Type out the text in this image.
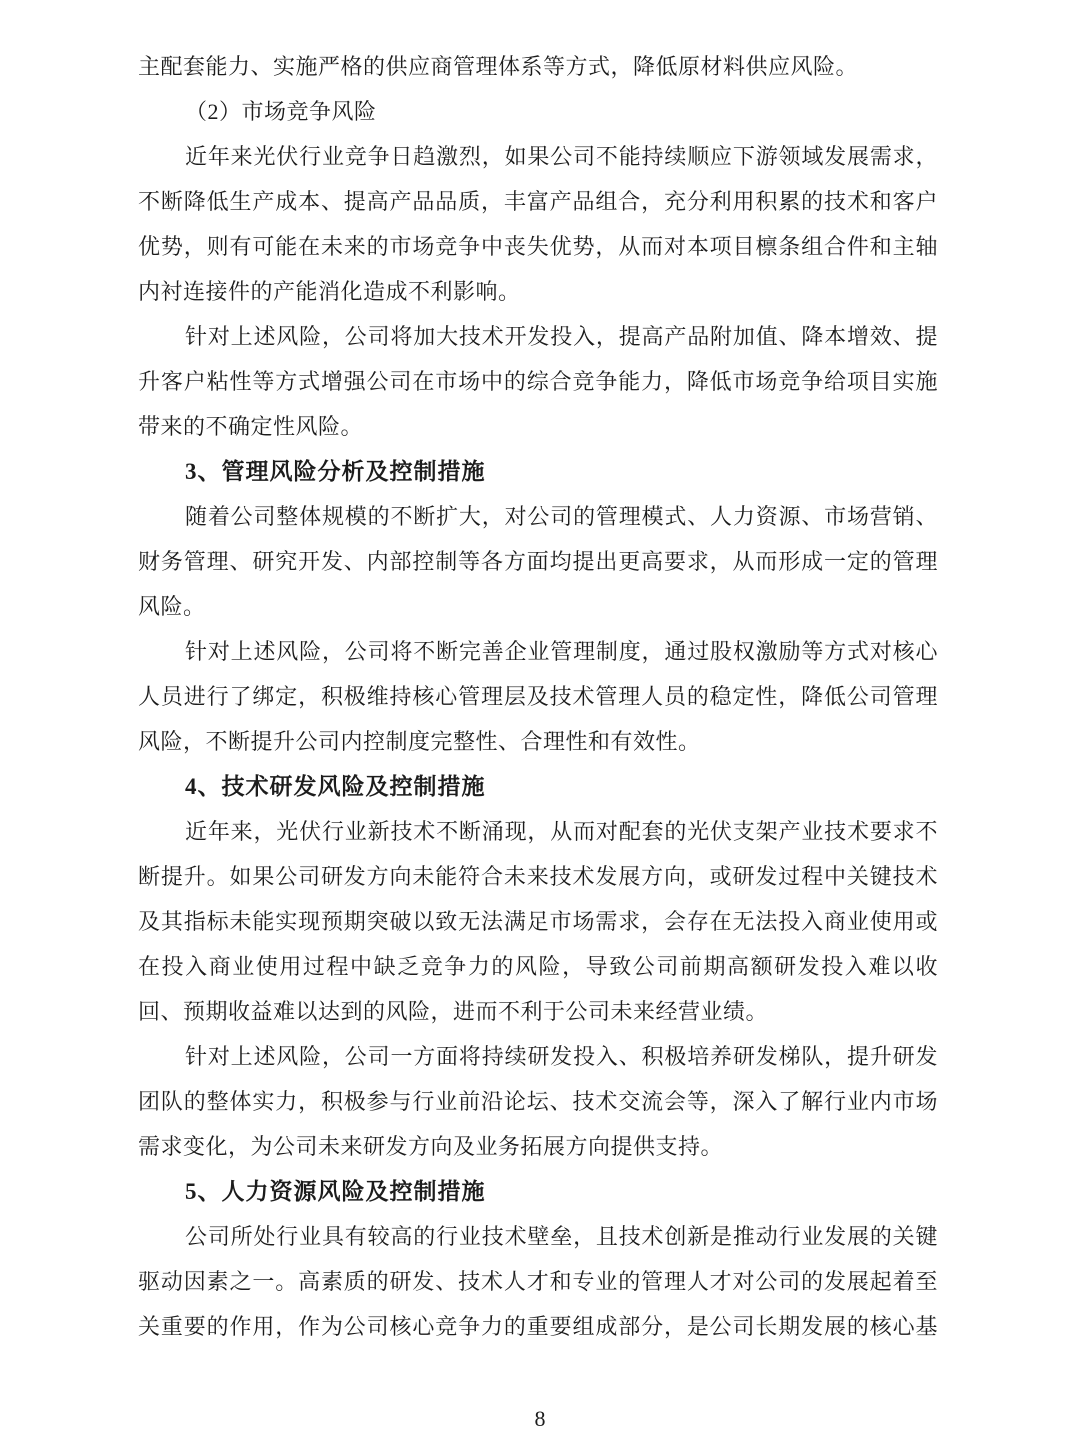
主配套能力、实施严格的供应商管理体系等方式，降低原材料供应风险。
（2）市场竞争风险
近年来光伏行业竞争日趋激烈，如果公司不能持续顺应下游领域发展需求，
不断降低生产成本、提高产品品质，丰富产品组合，充分利用积累的技术和客户
优势，则有可能在未来的市场竞争中丧失优势，从而对本项目檩条组合件和主轴
内衬连接件的产能消化造成不利影响。
针对上述风险，公司将加大技术开发投入，提高产品附加值、降本增效、提
升客户粘性等方式增强公司在市场中的综合竞争能力，降低市场竞争给项目实施
带来的不确定性风险。
3、管理风险分析及控制措施
随着公司整体规模的不断扩大，对公司的管理模式、人力资源、市场营销、
财务管理、研究开发、内部控制等各方面均提出更高要求，从而形成一定的管理
风险。
针对上述风险，公司将不断完善企业管理制度，通过股权激励等方式对核心
人员进行了绑定，积极维持核心管理层及技术管理人员的稳定性，降低公司管理
风险，不断提升公司内控制度完整性、合理性和有效性。
4、技术研发风险及控制措施
近年来，光伏行业新技术不断涌现，从而对配套的光伏支架产业技术要求不
断提升。如果公司研发方向未能符合未来技术发展方向，或研发过程中关键技术
及其指标未能实现预期突破以致无法满足市场需求，会存在无法投入商业使用或
在投入商业使用过程中缺乏竞争力的风险，导致公司前期高额研发投入难以收
回、预期收益难以达到的风险，进而不利于公司未来经营业绩。
针对上述风险，公司一方面将持续研发投入、积极培养研发梯队，提升研发
团队的整体实力，积极参与行业前沿论坛、技术交流会等，深入了解行业内市场
需求变化，为公司未来研发方向及业务拓展方向提供支持。
5、人力资源风险及控制措施
公司所处行业具有较高的行业技术壁垒，且技术创新是推动行业发展的关键
驱动因素之一。高素质的研发、技术人才和专业的管理人才对公司的发展起着至
关重要的作用，作为公司核心竞争力的重要组成部分，是公司长期发展的核心基
8
